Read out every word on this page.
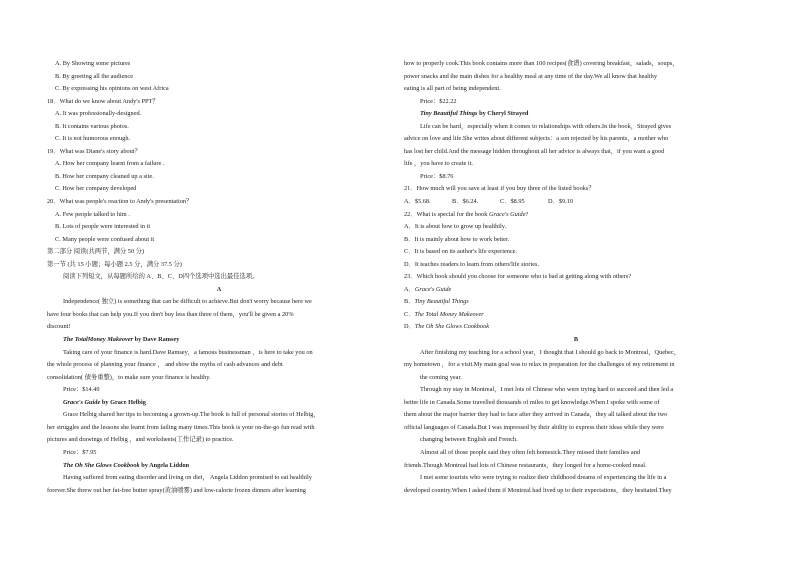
A. By Showing some pictures
B. By greeting all the audience
C. By expressing his opinions on west Africa
18．What do we know about Andy's PPT？
A. It was professionally-designed.
B. It contains various photos.
C. It is not humorous enough.
19．What was Diane's story about？
A. How her company learnt from a failure .
B. How her company cleaned up a site.
C. How her company developed
20．What was people's reaction to Andy's presentation？
A. Few people talked to him .
B. Lots of people were interested in it
C. Many people were confused about it
第二部分 阅读(共两节，满分 50 分)
第一节 (共 15 小题；每小题 2.5 分，满分 37.5 分)
阅读下列短文，从每题所给的 A、B、C、D四个选项中选出最佳选项。
A
Independence( 独立) is something that can be difficult to achieve.But don't worry because here we
have four books that can help you.If you don't buy less than three of them，you'll be given a 20%
discount!
The TotalMoney Makeover by Dave Ramsey
Taking care of your finance is hard.Dave Ramsey，a famous businessman ，is here to take you on
the whole process of planning your finance ， and show the myths of cash advances and debt
consolidation( 债务重整)，to make sure your finance is healthy.
Price：$14.49
Grace's Guide by Grace Helbig
Grace Helbig shared her tips to becoming a grown-up.The book is full of personal stories of Helbig，
her struggles and the lessons she learnt from failing many times.This book is your on-the-go fun read with
pictures and drawings of Helbig ，and worksheets(工作记录) to practice.
Price：$7.95
The Oh She Glows Cookbook by Angela Liddon
Having suffered from eating disorder and living on diet， Angela Liddon promised to eat healthily
forever.She threw out her fat-free butter spray(黄油喷雾) and low-calorie frozen dinners after learning
how to properly cook.This book contains more than 100 recipes(食谱) covering breakfast，salads，soups，
power snacks and the main dishes for a healthy meal at any time of the day.We all know that healthy
eating is all part of being independent.
Price：$22.22
Tiny Beautiful Things by Cheryl Strayed
Life can be hard，especially when it comes to relationships with others.In the book，Strayed gives
advice on love and life.She writes about different subjects：a son rejected by his parents，a mother who
has lost her child.And the message hidden throughout all her advice is always that，if you want a good
life ，you have to create it.
Price：$8.76
21．How much will you save at least if you buy three of the listed books？
A．$5.68.	B．$6.24.	C．$8.95	D．$9.10
22．What is special for the book Grace's Guide?
A．It is about how to grow up healthily.
B．It is mainly about how to work better.
C．It is based on its author's life experience.
D．It teaches readers to learn from others'life stories.
23．Which book should you choose for someone who is bad at getting along with others?
A．Grace's Guide
B．Tiny Beautiful Things
C．The Total Money Makeover
D．The Oh She Glows Cookbook
B
After finishing my teaching for a school year，I thought that I should go back to Montreal，Quebec，
my hometown ，for a visit.My main goal was to relax in preparation for the challenges of my retirement in
the coming year.
Through my stay in Montreal，I met lots of Chinese who were trying hard to succeed and then led a
better life in Canada.Some travelled thousands of miles to get knowledge.When I spoke with some of
them about the major barrier they had to face after they arrived in Canada，they all talked about the two
official languages of Canada.But I was impressed by their ability to express their ideas while they were
changing between English and French.
Almost all of those people said they often felt homesick.They missed their families and
friends.Though Montreal had lots of Chinese restaurants，they longed for a home-cooked meal.
I met some tourists who were trying to realize their childhood dreams of experiencing the life in a
developed country.When I asked them if Montreal had lived up to their expectations，they hesitated.They
